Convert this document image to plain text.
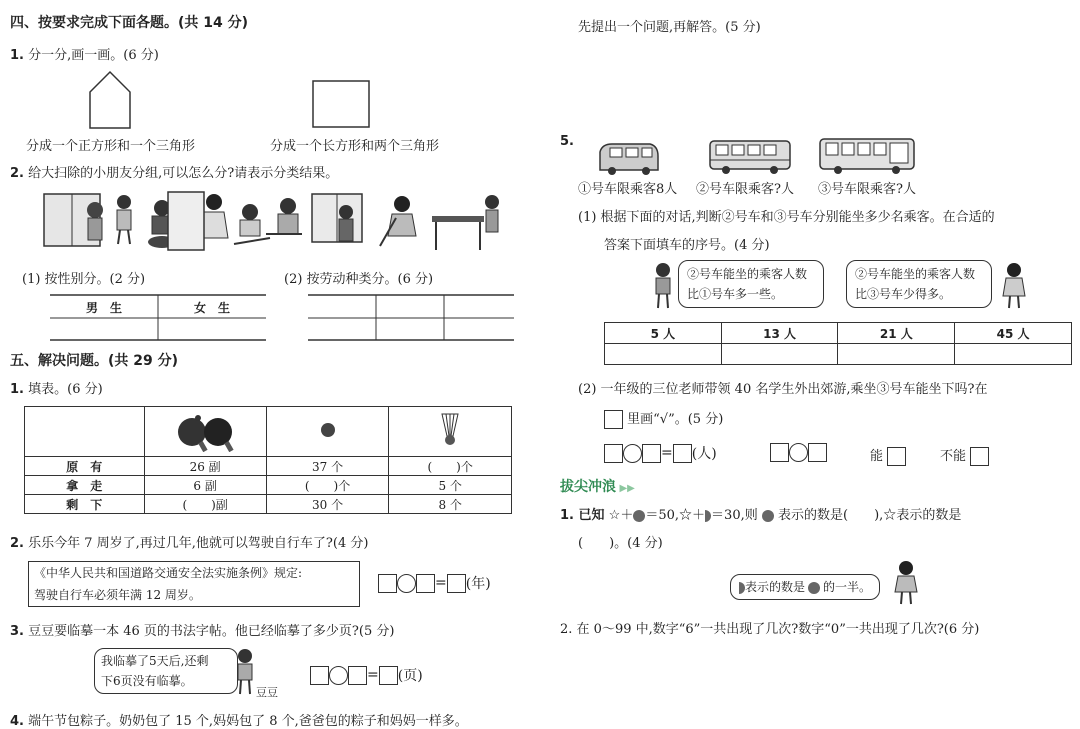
四、按要求完成下面各题。(共 14 分)
1. 分一分,画一画。(6 分)
分成一个正方形和一个三角形	分成一个长方形和两个三角形
2. 给大扫除的小朋友分组,可以怎么分?请表示分类结果。
(1) 按性别分。(2 分)	(2) 按劳动种类分。(6 分)
男　生	女　生
五、解决问题。(共 29 分)
1. 填表。(6 分)

原　有	26 副	37 个	(　　)个
拿　走	6 副	(　　)个	5 个
剩　下	(　　)副	30 个	8 个
2. 乐乐今年 7 周岁了,再过几年,他就可以驾驶自行车了?(4 分)
《中华人民共和国道路交通安全法实施条例》规定:
驾驶自行车必须年满 12 周岁。
= (年)
3. 豆豆要临摹一本 46 页的书法字帖。他已经临摹了多少页?(5 分)
我临摹了5天后,还剩
下6页没有临摹。
豆豆
= (页)
4. 端午节包粽子。奶奶包了 15 个,妈妈包了 8 个,爸爸包的粽子和妈妈一样多。
先提出一个问题,再解答。(5 分)
5.
①号车限乘客8人 ②号车限乘客?人 ③号车限乘客?人
(1) 根据下面的对话,判断②号车和③号车分别能坐多少名乘客。在合适的
答案下面填车的序号。(4 分)
②号车能坐的乘客人数
比①号车多一些。
②号车能坐的乘客人数
比③号车少得多。
5 人	13 人	21 人	45 人

(2) 一年级的三位老师带领 40 名学生外出郊游,乘坐③号车能坐下吗?在
里画“√”。(5 分)
= (人)	能	不能
拔尖冲浪 ▶▶
1. 已知 ☆＋ ＝50,☆＋ ＝30,则 表示的数是(　　),☆表示的数是
(　　)。(4 分)
表示的数是 的一半。
2. 在 0～99 中,数字“6”一共出现了几次?数字“0”一共出现了几次?(6 分)
